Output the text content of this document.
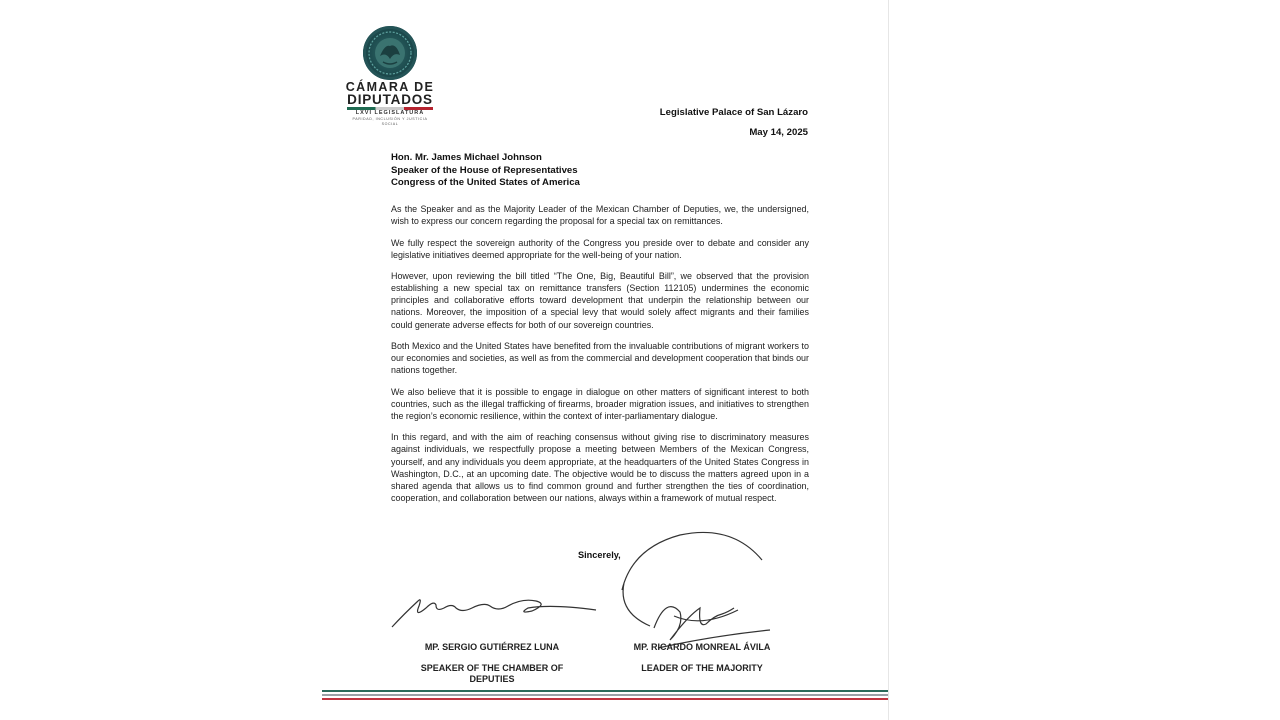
CÁMARA DE
DIPUTADOS
LXVI LEGISLATURA
PARIDAD, INCLUSIÓN Y JUSTICIA SOCIAL
Legislative Palace of San Lázaro
May 14, 2025
Hon. Mr. James Michael Johnson
Speaker of the House of Representatives
Congress of the United States of America

As the Speaker and as the Majority Leader of the Mexican Chamber of Deputies, we, the undersigned, wish to express our concern regarding the proposal for a special tax on remittances.

We fully respect the sovereign authority of the Congress you preside over to debate and consider any legislative initiatives deemed appropriate for the well-being of your nation.

However, upon reviewing the bill titled “The One, Big, Beautiful Bill”, we observed that the provision establishing a new special tax on remittance transfers (Section 112105) undermines the economic principles and collaborative efforts toward development that underpin the relationship between our nations. Moreover, the imposition of a special levy that would solely affect migrants and their families could generate adverse effects for both of our sovereign countries.

Both Mexico and the United States have benefited from the invaluable contributions of migrant workers to our economies and societies, as well as from the commercial and development cooperation that binds our nations together.

We also believe that it is possible to engage in dialogue on other matters of significant interest to both countries, such as the illegal trafficking of firearms, broader migration issues, and initiatives to strengthen the region’s economic resilience, within the context of inter-parliamentary dialogue.

In this regard, and with the aim of reaching consensus without giving rise to discriminatory measures against individuals, we respectfully propose a meeting between Members of the Mexican Congress, yourself, and any individuals you deem appropriate, at the headquarters of the United States Congress in Washington, D.C., at an upcoming date. The objective would be to discuss the matters agreed upon in a shared agenda that allows us to find common ground and further strengthen the ties of coordination, cooperation, and collaboration between our nations, always within a framework of mutual respect.

Sincerely,
MP. SERGIO GUTIÉRREZ LUNA
SPEAKER OF THE CHAMBER OF
DEPUTIES
MP. RICARDO MONREAL ÁVILA
LEADER OF THE MAJORITY
